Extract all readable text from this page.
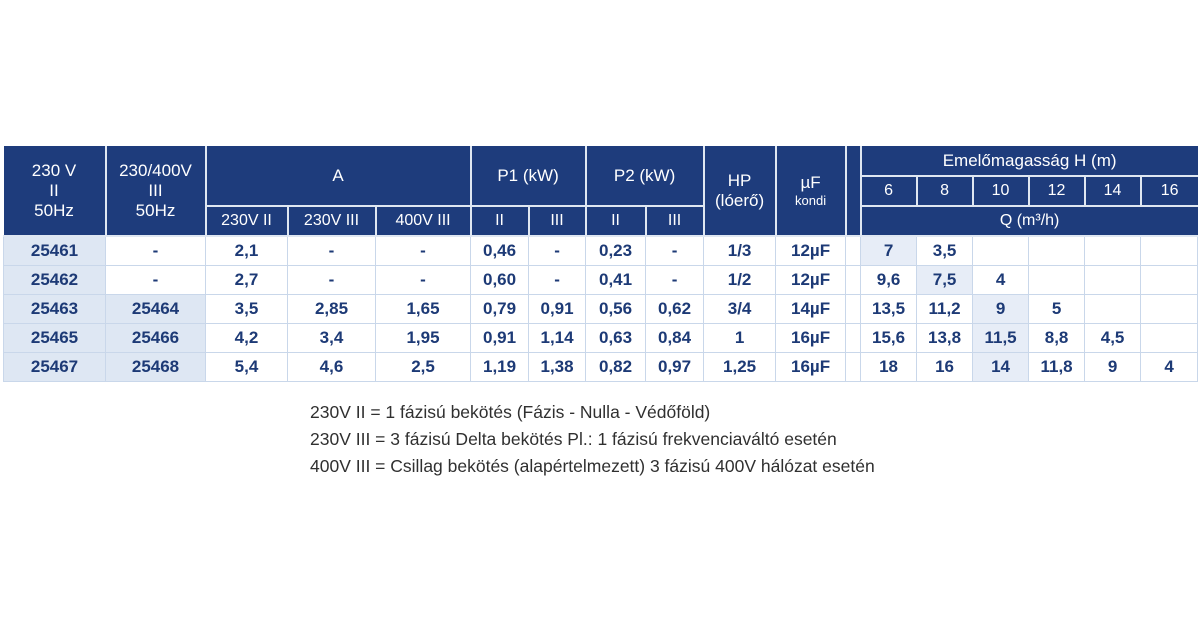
230 V
II
50Hz	230/400V
III
50Hz	A			P1 (kW)		P2 (kW)		HP
(lóerő)	µF
kondi		Emelőmagasság H (m)					
												6	8	10	12	14	16
		230V II	230V III	400V III	II	III	II	III				Q (m³/h)					
25461	-	2,1	-	-	0,46	-	0,23	-	1/3	12µF		7	3,5				
25462	-	2,7	-	-	0,60	-	0,41	-	1/2	12µF		9,6	7,5	4			
25463	25464	3,5	2,85	1,65	0,79	0,91	0,56	0,62	3/4	14µF		13,5	11,2	9	5		
25465	25466	4,2	3,4	1,95	0,91	1,14	0,63	0,84	1	16µF		15,6	13,8	11,5	8,8	4,5	
25467	25468	5,4	4,6	2,5	1,19	1,38	0,82	0,97	1,25	16µF		18	16	14	11,8	9	4
230V II = 1 fázisú bekötés (Fázis - Nulla - Védőföld)
230V III = 3 fázisú Delta bekötés Pl.: 1 fázisú frekvenciaváltó esetén
400V III = Csillag bekötés (alapértelmezett) 3 fázisú 400V hálózat esetén
